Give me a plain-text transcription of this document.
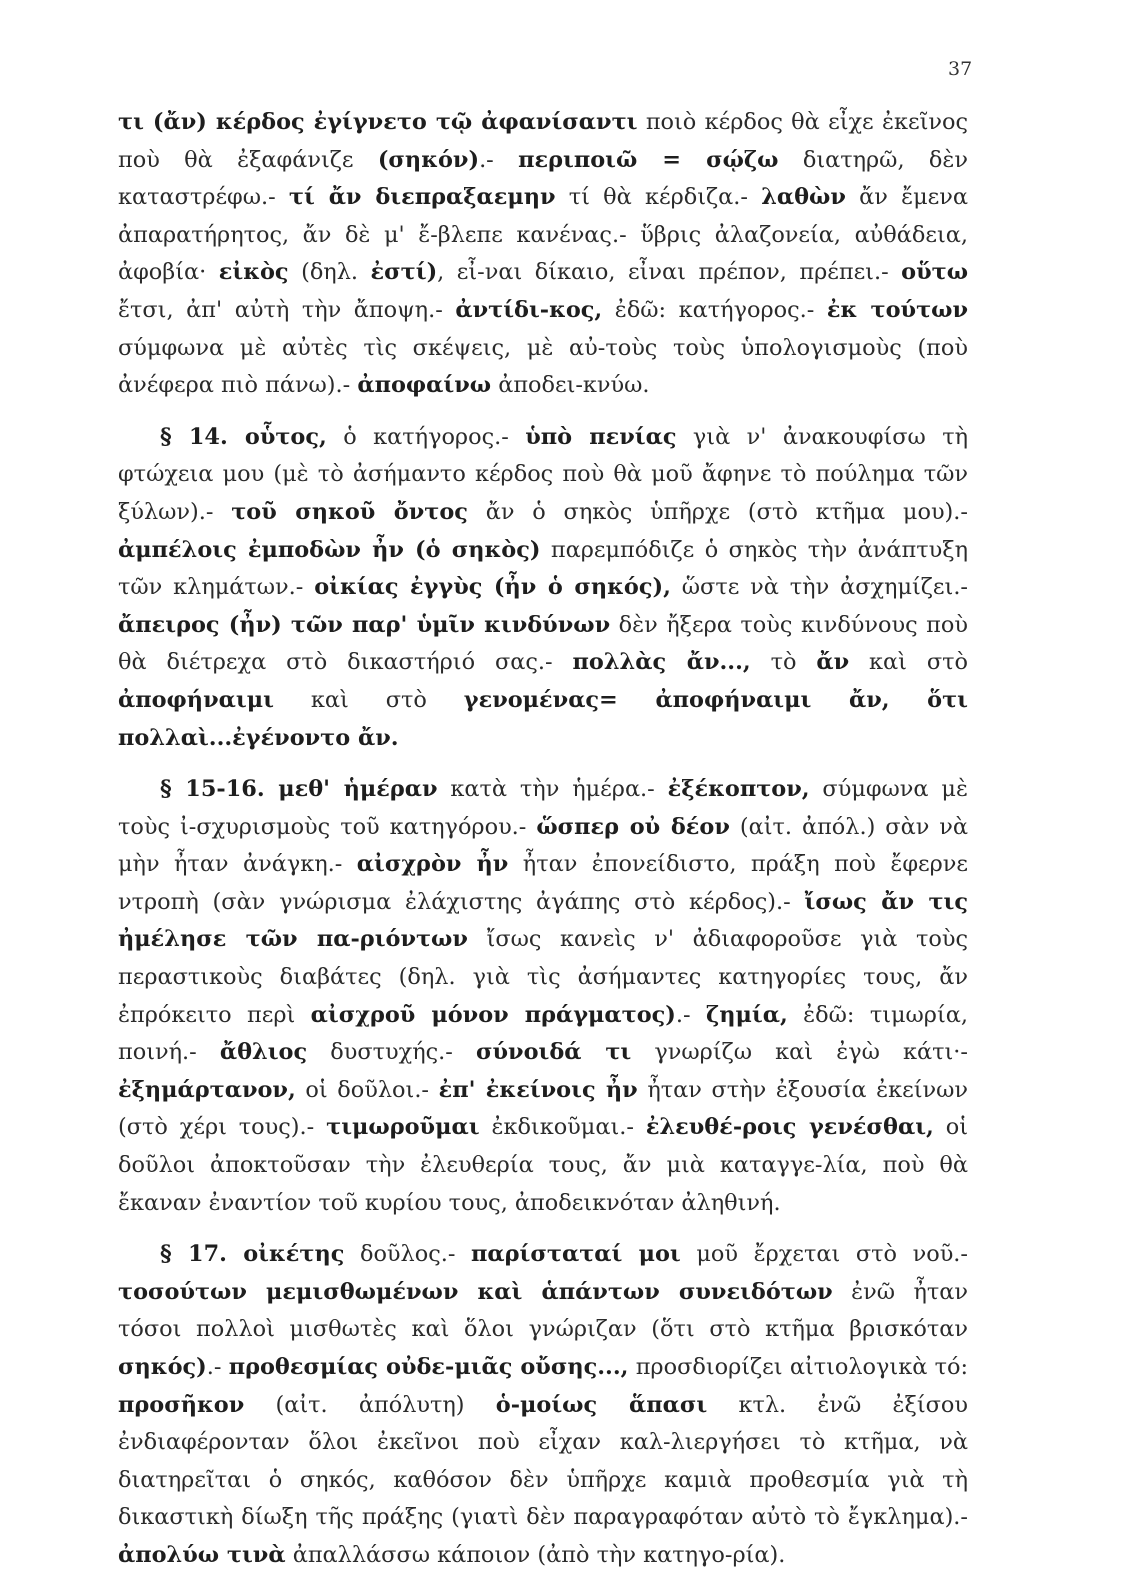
37

τι (ἄν) κέρδος ἐγίγνετο τῷ ἀφανίσαντι ποιὸ κέρδος θὰ εἶχε ἐκεῖνος ποὺ θὰ ἐξαφάνιζε (σηκόν).- περιποιῶ = σῴζω διατηρῶ, δὲν καταστρέφω.- τί ἄν διεπραξαεμην τί θὰ κέρδιζα.- λαθὼν ἄν ἔμενα ἀπαρατήρητος, ἄν δὲ μ' ἔ-βλεπε κανένας.- ὕβρις ἀλαζονεία, αὐθάδεια, ἀφοβία· εἰκὸς (δηλ. ἐστί), εἶ-ναι δίκαιο, εἶναι πρέπον, πρέπει.- οὕτω ἔτσι, ἀπ' αὐτὴ τὴν ἄποψη.- ἀντίδι-κος, ἐδῶ: κατήγορος.- ἐκ τούτων σύμφωνα μὲ αὐτὲς τὶς σκέψεις, μὲ αὐ-τοὺς τοὺς ὑπολογισμοὺς (ποὺ ἀνέφερα πιὸ πάνω).- ἀποφαίνω ἀποδει-κνύω.

§ 14. οὗτος, ὁ κατήγορος.- ὑπὸ πενίας γιὰ ν' ἀνακουφίσω τὴ φτώχεια μου (μὲ τὸ ἀσήμαντο κέρδος ποὺ θὰ μοῦ ἄφηνε τὸ πούλημα τῶν ξύλων).- τοῦ σηκοῦ ὄντος ἄν ὁ σηκὸς ὑπῆρχε (στὸ κτῆμα μου).- ἀμπέλοις ἐμποδὼν ἦν (ὁ σηκὸς) παρεμπόδιζε ὁ σηκὸς τὴν ἀνάπτυξη τῶν κλημάτων.- οἰκίας ἐγγὺς (ἦν ὁ σηκός), ὥστε νὰ τὴν ἀσχημίζει.- ἄπειρος (ἦν) τῶν παρ' ὑμῖν κινδύνων δὲν ἤξερα τοὺς κινδύνους ποὺ θὰ διέτρεχα στὸ δικαστήριό σας.- πολλὰς ἄν..., τὸ ἄν καὶ στὸ ἀποφήναιμι καὶ στὸ γενομένας= ἀποφήναιμι ἄν, ὅτι πολλαὶ...ἐγένοντο ἄν.

§ 15-16. μεθ' ἡμέραν κατὰ τὴν ἡμέρα.- ἐξέκοπτον, σύμφωνα μὲ τοὺς ἰ-σχυρισμοὺς τοῦ κατηγόρου.- ὥσπερ οὐ δέον (αἰτ. ἀπόλ.) σὰν νὰ μὴν ἦταν ἀνάγκη.- αἰσχρὸν ἦν ἦταν ἐπονείδιστο, πράξη ποὺ ἔφερνε ντροπὴ (σὰν γνώρισμα ἐλάχιστης ἀγάπης στὸ κέρδος).- ἴσως ἄν τις ἠμέλησε τῶν πα-ριόντων ἴσως κανεὶς ν' ἀδιαφοροῦσε γιὰ τοὺς περαστικοὺς διαβάτες (δηλ. γιὰ τὶς ἀσήμαντες κατηγορίες τους, ἄν ἐπρόκειτο περὶ αἰσχροῦ μόνον πράγματος).- ζημία, ἐδῶ: τιμωρία, ποινή.- ἄθλιος δυστυχής.- σύνοιδά τι γνωρίζω καὶ ἐγὼ κάτι·- ἐξημάρτανον, οἱ δοῦλοι.- ἐπ' ἐκείνοις ἦν ἦταν στὴν ἐξουσία ἐκείνων (στὸ χέρι τους).- τιμωροῦμαι ἐκδικοῦμαι.- ἐλευθέ-ροις γενέσθαι, οἱ δοῦλοι ἀποκτοῦσαν τὴν ἐλευθερία τους, ἄν μιὰ καταγγε-λία, ποὺ θὰ ἔκαναν ἐναντίον τοῦ κυρίου τους, ἀποδεικνόταν ἀληθινή.

§ 17. οἰκέτης δοῦλος.- παρίσταταί μοι μοῦ ἔρχεται στὸ νοῦ.- τοσούτων μεμισθωμένων καὶ ἁπάντων συνειδότων ἐνῶ ἦταν τόσοι πολλοὶ μισθωτὲς καὶ ὅλοι γνώριζαν (ὅτι στὸ κτῆμα βρισκόταν σηκός).- προθεσμίας οὐδε-μιᾶς οὔσης..., προσδιορίζει αἰτιολογικὰ τό: προσῆκον (αἰτ. ἀπόλυτη) ὁ-μοίως ἅπασι κτλ. ἐνῶ ἐξίσου ἐνδιαφέρονταν ὅλοι ἐκεῖνοι ποὺ εἶχαν καλ-λιεργήσει τὸ κτῆμα, νὰ διατηρεῖται ὁ σηκός, καθόσον δὲν ὑπῆρχε καμιὰ προθεσμία γιὰ τὴ δικαστικὴ δίωξη τῆς πράξης (γιατὶ δὲν παραγραφόταν αὐτὸ τὸ ἔγκλημα).- ἀπολύω τινὰ ἀπαλλάσσω κάποιον (ἀπὸ τὴν κατηγο-ρία).
